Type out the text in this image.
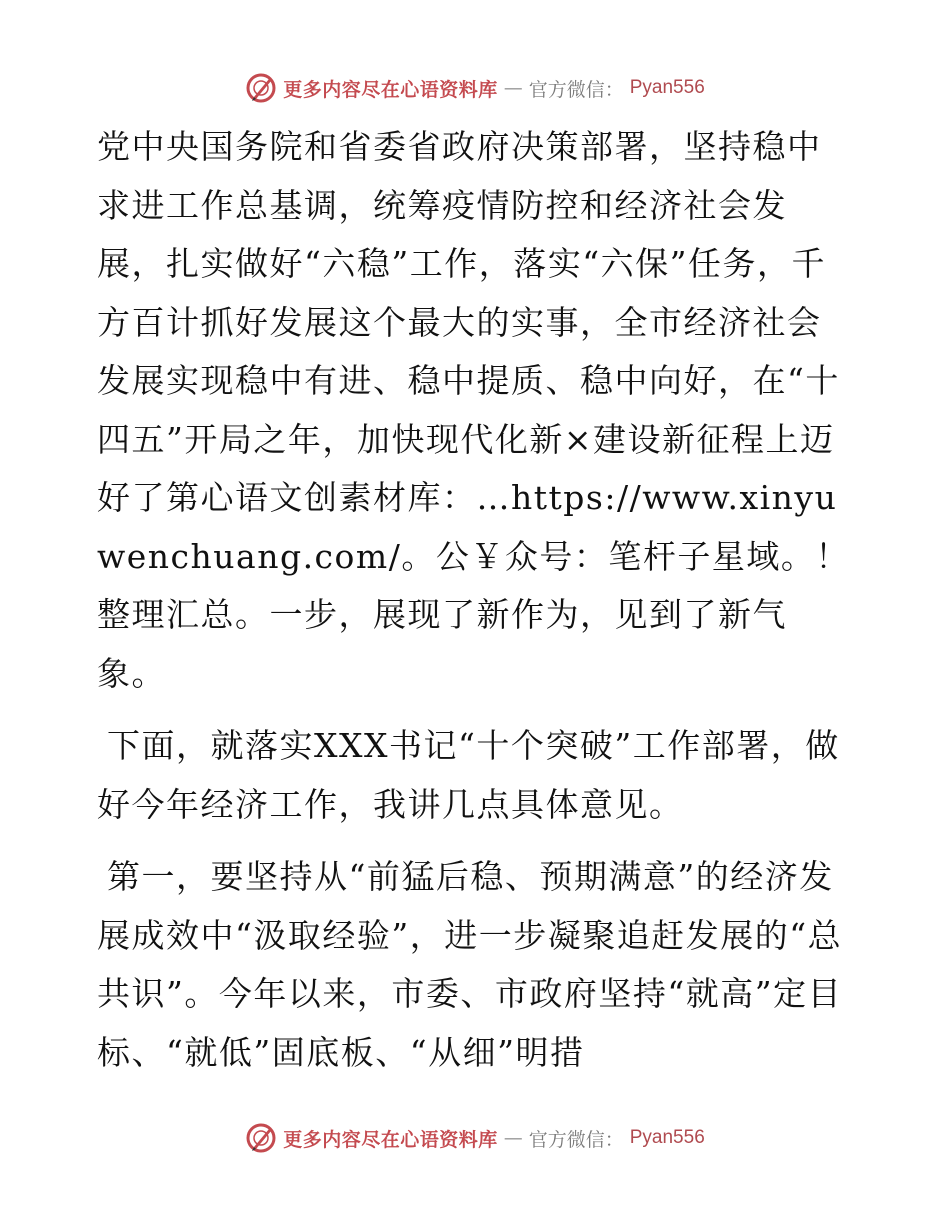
更多内容尽在心语资料库 — 官方微信： Pyan556

党中央国务院和省委省政府决策部署，坚持稳中求进工作总基调，统筹疫情防控和经济社会发展，扎实做好“六稳”工作，落实“六保”任务，千方百计抓好发展这个最大的实事，全市经济社会发展实现稳中有进、稳中提质、稳中向好，在“十四五”开局之年，加快现代化新×建设新征程上迈好了第心语文创素材库：…https://www.xinyuwenchuang.com/。公￥众号：笔杆子星域。！整理汇总。一步，展现了新作为，见到了新气象。

下面，就落实XXX书记“十个突破”工作部署，做好今年经济工作，我讲几点具体意见。

第一，要坚持从“前猛后稳、预期满意”的经济发展成效中“汲取经验”，进一步凝聚追赶发展的“总共识”。今年以来，市委、市政府坚持“就高”定目标、“就低”固底板、“从细”明措

更多内容尽在心语资料库 — 官方微信： Pyan556
